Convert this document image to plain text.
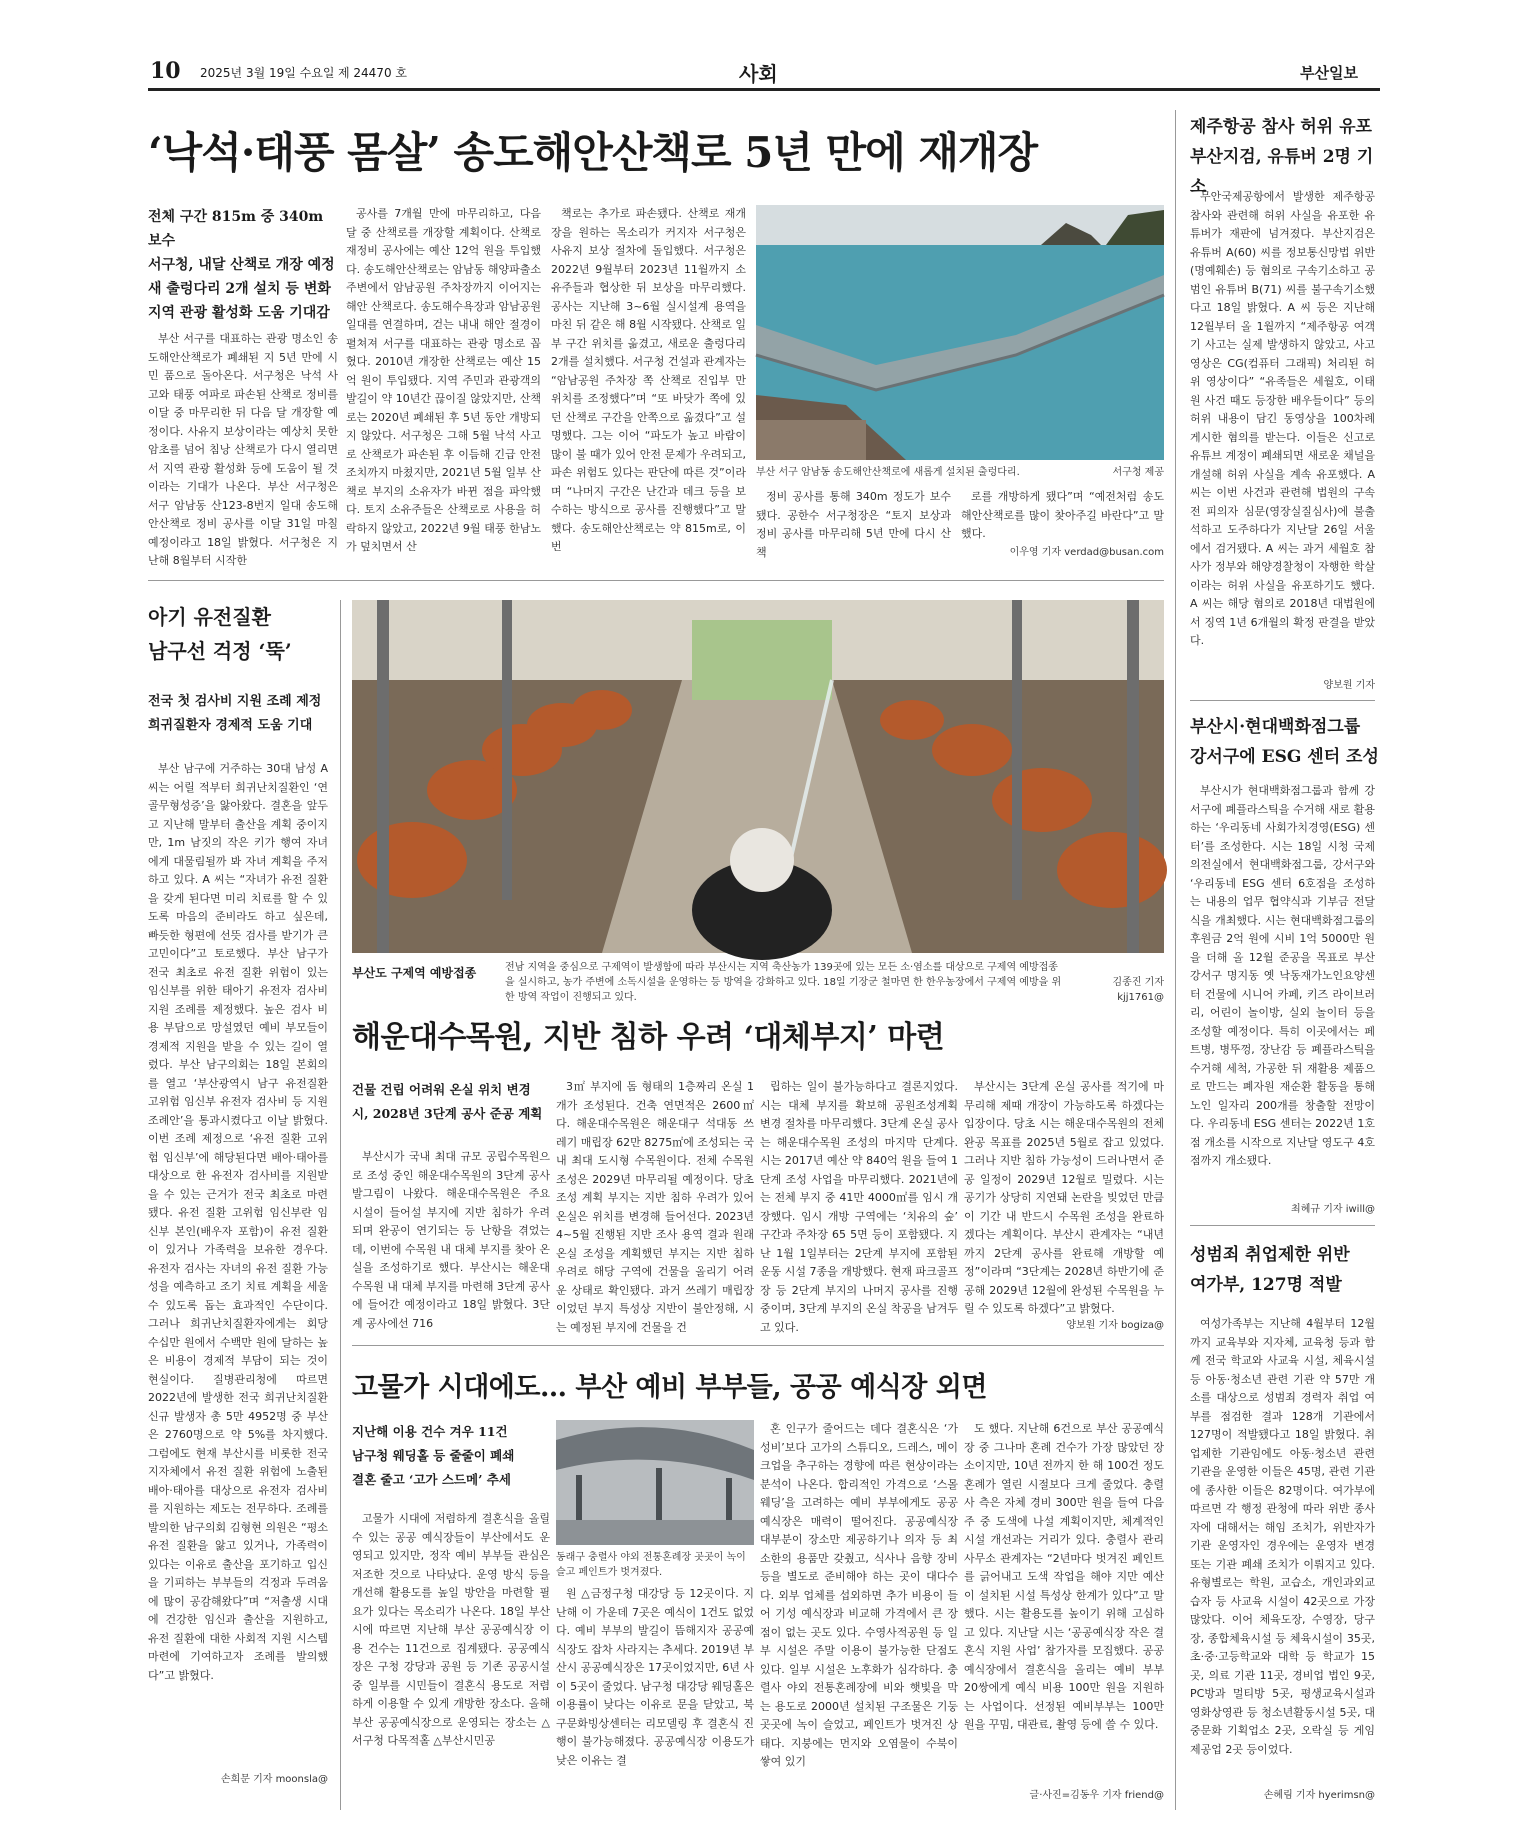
10 2025년 3월 19일 수요일 제 24470 호	사회	부산일보
‘낙석·태풍 몸살’ 송도해안산책로 5년 만에 재개장
전체 구간 815m 중 340m 보수
서구청, 내달 산책로 개장 예정
새 출렁다리 2개 설치 등 변화
지역 관광 활성화 도움 기대감

부산 서구를 대표하는 관광 명소인 송도해안산책로가 폐쇄된 지 5년 만에 시민 품으로 돌아온다. 서구청은 낙석 사고와 태풍 여파로 파손된 산책로 정비를 이달 중 마무리한 뒤 다음 달 개장할 예정이다. 사유지 보상이라는 예상치 못한 암초를 넘어 침낭 산책로가 다시 열리면서 지역 관광 활성화 등에 도움이 될 것이라는 기대가 나온다. 부산 서구청은 서구 암남동 산123-8번지 일대 송도해안산책로 정비 공사를 이달 31일 마칠 예정이라고 18일 밝혔다. 서구청은 지난해 8월부터 시작한

공사를 7개월 만에 마무리하고, 다음 달 중 산책로를 개장할 계획이다. 산책로 재정비 공사에는 예산 12억 원을 투입했다. 송도해안산책로는 암남동 해양파출소 주변에서 암남공원 주차장까지 이어지는 해안 산책로다. 송도해수욕장과 암남공원 일대를 연결하며, 걷는 내내 해안 절경이 펼쳐져 서구를 대표하는 관광 명소로 꼽혔다. 2010년 개장한 산책로는 예산 15억 원이 투입됐다. 지역 주민과 관광객의 발길이 약 10년간 끊이질 않았지만, 산책로는 2020년 폐쇄된 후 5년 동안 개방되지 않았다. 서구청은 그해 5월 낙석 사고로 산책로가 파손된 후 이듬해 긴급 안전 조치까지 마쳤지만, 2021년 5월 일부 산책로 부지의 소유자가 바뀐 점을 파악했다. 토지 소유주들은 산책로로 사용을 허락하지 않았고, 2022년 9월 태풍 한남노가 덮치면서 산

책로는 추가로 파손됐다. 산책로 재개장을 원하는 목소리가 커지자 서구청은 사유지 보상 절차에 돌입했다. 서구청은 2022년 9월부터 2023년 11월까지 소유주들과 협상한 뒤 보상을 마무리했다. 공사는 지난해 3~6월 실시설계 용역을 마친 뒤 같은 해 8월 시작됐다. 산책로 일부 구간 위치를 옮겼고, 새로운 출렁다리 2개를 설치했다. 서구청 건설과 관계자는 “암남공원 주차장 쪽 산책로 진입부 만 위치를 조정했다”며 “또 바닷가 쪽에 있던 산책로 구간을 안쪽으로 옮겼다”고 설명했다. 그는 이어 “파도가 높고 바람이 많이 불 때가 있어 안전 문제가 우려되고, 파손 위험도 있다는 판단에 따른 것”이라며 “나머지 구간은 난간과 데크 등을 보수하는 방식으로 공사를 진행했다”고 말했다. 송도해안산책로는 약 815m로, 이번

부산 서구 암남동 송도해안산책로에 새롭게 설치된 출렁다리.	서구청 제공

정비 공사를 통해 340m 정도가 보수됐다. 공한수 서구청장은 “토지 보상과 정비 공사를 마무리해 5년 만에 다시 산책

로를 개방하게 됐다”며 “예전처럼 송도해안산책로를 많이 찾아주길 바란다”고 말했다.

이우영 기자 verdad@busan.com
아기 유전질환
남구선 걱정 ‘뚝’
전국 첫 검사비 지원 조례 제정
희귀질환자 경제적 도움 기대

부산 남구에 거주하는 30대 남성 A 씨는 어릴 적부터 희귀난치질환인 ‘연골무형성증’을 앓아왔다. 결혼을 앞두고 지난해 말부터 출산을 계획 중이지만, 1m 남짓의 작은 키가 행여 자녀에게 대물림될까 봐 자녀 계획을 주저하고 있다. A 씨는 “자녀가 유전 질환을 갖게 된다면 미리 치료를 할 수 있도록 마음의 준비라도 하고 싶은데, 빠듯한 형편에 선뜻 검사를 받기가 큰 고민이다”고 토로했다. 부산 남구가 전국 최초로 유전 질환 위험이 있는 임신부를 위한 태아기 유전자 검사비 지원 조례를 제정했다. 높은 검사 비용 부담으로 망설였던 예비 부모들이 경제적 지원을 받을 수 있는 길이 열렸다. 부산 남구의회는 18일 본회의를 열고 ‘부산광역시 남구 유전질환 고위험 임신부 유전자 검사비 등 지원 조례안’을 통과시켰다고 이날 밝혔다. 이번 조례 제정으로 ‘유전 질환 고위험 임신부’에 해당된다면 배아·태아를 대상으로 한 유전자 검사비를 지원받을 수 있는 근거가 전국 최초로 마련됐다. 유전 질환 고위험 임신부란 임신부 본인(배우자 포함)이 유전 질환이 있거나 가족력을 보유한 경우다. 유전자 검사는 자녀의 유전 질환 가능성을 예측하고 조기 치료 계획을 세울 수 있도록 돕는 효과적인 수단이다. 그러나 희귀난치질환자에게는 회당 수십만 원에서 수백만 원에 달하는 높은 비용이 경제적 부담이 되는 것이 현실이다. 질병관리청에 따르면 2022년에 발생한 전국 희귀난치질환 신규 발생자 총 5만 4952명 중 부산은 2760명으로 약 5%를 차지했다. 그럼에도 현재 부산시를 비롯한 전국 지자체에서 유전 질환 위험에 노출된 배아·태아를 대상으로 유전자 검사비를 지원하는 제도는 전무하다. 조례를 발의한 남구의회 김형현 의원은 “평소 유전 질환을 앓고 있거나, 가족력이 있다는 이유로 출산을 포기하고 입신을 기피하는 부부들의 걱정과 두려움에 많이 공감해왔다”며 “저출생 시대에 건강한 임신과 출산을 지원하고, 유전 질환에 대한 사회적 지원 시스템 마련에 기여하고자 조례를 발의했다”고 밝혔다.

손희문 기자 moonsla@
부산도 구제역 예방접종	전남 지역을 중심으로 구제역이 발생함에 따라 부산시는 지역 축산농가 139곳에 있는 모든 소·염소를 대상으로 구제역 예방접종을 실시하고, 농가 주변에 소독시설을 운영하는 등 방역을 강화하고 있다. 18일 기장군 철마면 한 한우농장에서 구제역 예방을 위한 방역 작업이 진행되고 있다.
김종진 기자 kjj1761@
해운대수목원, 지반 침하 우려 ‘대체부지’ 마련
건물 건립 어려워 온실 위치 변경
시, 2028년 3단계 공사 준공 계획

부산시가 국내 최대 규모 공립수목원으로 조성 중인 해운대수목원의 3단계 공사 발그림이 나왔다. 해운대수목원은 주요 시설이 들어설 부지에 지반 침하가 우려되며 완공이 연기되는 등 난항을 겪었는데, 이번에 수목원 내 대체 부지를 찾아 온실을 조성하기로 했다. 부산시는 해운대수목원 내 대체 부지를 마련해 3단계 공사에 들어간 예정이라고 18일 밝혔다. 3단계 공사에선 716

3㎡ 부지에 돔 형태의 1층짜리 온실 1개가 조성된다. 건축 연면적은 2600㎡다. 해운대수목원은 해운대구 석대동 쓰레기 매립장 62만 8275㎡에 조성되는 국내 최대 도시형 수목원이다. 전체 수목원 조성은 2029년 마무리될 예정이다. 당초 조성 계획 부지는 지반 침하 우려가 있어 온실은 위치를 변경해 들어선다. 2023년 4~5월 진행된 지반 조사 용역 결과 원래 온실 조성을 계획했던 부지는 지반 침하 우려로 해당 구역에 건물을 올리기 어려운 상태로 확인됐다. 과거 쓰레기 매립장이었던 부지 특성상 지반이 불안정해, 시는 예정된 부지에 건물을 건

립하는 일이 불가능하다고 결론지었다. 시는 대체 부지를 확보해 공원조성계획 변경 절차를 마무리했다. 3단계 온실 공사는 해운대수목원 조성의 마지막 단계다. 시는 2017년 예산 약 840억 원을 들여 1단계 조성 사업을 마무리했다. 2021년에는 전체 부지 중 41만 4000㎡를 임시 개장했다. 임시 개방 구역에는 ‘치유의 숲’ 구간과 주차장 65 5면 등이 포함됐다. 지난 1월 1일부터는 2단계 부지에 포함된 운동 시설 7종을 개방했다. 현재 파크골프장 등 2단계 부지의 나머지 공사를 진행 중이며, 3단계 부지의 온실 착공을 남겨두고 있다.

부산시는 3단계 온실 공사를 적기에 마무리해 제때 개장이 가능하도록 하겠다는 입장이다. 당초 시는 해운대수목원의 전체 완공 목표를 2025년 5월로 잡고 있었다. 그러나 지반 침하 가능성이 드러나면서 준공 일정이 2029년 12월로 밀렸다. 시는 공기가 상당히 지연돼 논란을 빚었던 만큼 이 기간 내 반드시 수목원 조성을 완료하겠다는 계획이다. 부산시 관계자는 “내년까지 2단계 공사를 완료해 개방할 예정”이라며 “3단계는 2028년 하반기에 준공해 2029년 12월에 완성된 수목원을 누릴 수 있도록 하겠다”고 밝혔다.

양보원 기자 bogiza@
고물가 시대에도… 부산 예비 부부들, 공공 예식장 외면
지난해 이용 건수 겨우 11건
남구청 웨딩홀 등 줄줄이 폐쇄
결혼 줄고 ‘고가 스드메’ 추세

고물가 시대에 저렴하게 결혼식을 올릴 수 있는 공공 예식장들이 부산에서도 운영되고 있지만, 정작 예비 부부들 관심은 저조한 것으로 나타났다. 운영 방식 등을 개선해 활용도를 높일 방안을 마련할 필요가 있다는 목소리가 나온다. 18일 부산시에 따르면 지난해 부산 공공예식장 이용 건수는 11건으로 집계됐다. 공공예식장은 구청 강당과 공원 등 기존 공공시설 중 일부를 시민들이 결혼식 용도로 저렴하게 이용할 수 있게 개방한 장소다. 올해 부산 공공예식장으로 운영되는 장소는 △서구청 다목적홀 △부산시민공

동래구 충렬사 야외 전통혼례장 곳곳이 녹이 슬고 페인트가 벗겨졌다.

원 △금정구청 대강당 등 12곳이다. 지난해 이 가운데 7곳은 예식이 1건도 없었다. 예비 부부의 발길이 뜸해지자 공공예식장도 잡차 사라지는 추세다. 2019년 부산시 공공예식장은 17곳이었지만, 6년 사이 5곳이 줄었다. 남구청 대강당 웨딩홀은 이용률이 낮다는 이유로 문을 닫았고, 북구문화빙상센터는 리모델링 후 결혼식 진행이 불가능해졌다. 공공예식장 이용도가 낮은 이유는 결

혼 인구가 줄어드는 데다 결혼식은 ‘가성비’보다 고가의 스튜디오, 드레스, 메이크업을 추구하는 경향에 따른 현상이라는 분석이 나온다. 합리적인 가격으로 ‘스몰 웨딩’을 고려하는 예비 부부에게도 공공예식장은 매력이 떨어진다. 공공예식장 대부분이 장소만 제공하기나 의자 등 최소한의 용품만 갖췄고, 식사나 음향 장비 등을 별도로 준비해야 하는 곳이 대다수다. 외부 업체를 섭외하면 추가 비용이 들어 기성 예식장과 비교해 가격에서 큰 장점이 없는 곳도 있다. 수영사적공원 등 일부 시설은 주말 이용이 불가능한 단점도 있다. 일부 시설은 노후화가 심각하다. 충렬사 야외 전통혼례장에 비와 햇빛을 막는 용도로 2000년 설치된 구조물은 기둥 곳곳에 녹이 슬었고, 페인트가 벗겨진 상태다. 지붕에는 먼지와 오염물이 수북이 쌓여 있기

도 했다. 지난해 6건으로 부산 공공예식장 중 그나마 혼례 건수가 가장 많았던 장소이지만, 10년 전까지 한 해 100건 정도 혼례가 열린 시절보다 크게 줄었다. 충렬사 측은 자체 경비 300만 원을 들여 다음 주 중 도색에 나설 계획이지만, 체계적인 시설 개선과는 거리가 있다. 충렬사 관리사무소 관계자는 “2년마다 벗겨진 페인트를 긁어내고 도색 작업을 해야 지만 예산이 설치된 시설 특성상 한계가 있다”고 말했다. 시는 활용도를 높이기 위해 고심하고 있다. 지난달 시는 ‘공공예식장 작은 결혼식 지원 사업’ 참가자를 모집했다. 공공예식장에서 결혼식을 올리는 예비 부부 20쌍에게 예식 비용 100만 원을 지원하는 사업이다. 선정된 예비부부는 100만 원을 꾸밈, 대관료, 촬영 등에 쓸 수 있다.

글·사진=김동우 기자 friend@
제주항공 참사 허위 유포
부산지검, 유튜버 2명 기소

무안국제공항에서 발생한 제주항공 참사와 관련해 허위 사실을 유포한 유튜버가 재판에 넘겨졌다. 부산지검은 유튜버 A(60) 씨를 정보통신망법 위반(명예훼손) 등 혐의로 구속기소하고 공범인 유튜버 B(71) 씨를 불구속기소했다고 18일 밝혔다. A 씨 등은 지난해 12월부터 올 1월까지 “제주항공 여객기 사고는 실제 발생하지 않았고, 사고 영상은 CG(컴퓨터 그래픽) 처리된 허위 영상이다” “유족들은 세월호, 이태원 사건 때도 등장한 배우들이다” 등의 허위 내용이 담긴 동영상을 100차례 게시한 혐의를 받는다. 이들은 신고로 유튜브 계정이 폐쇄되면 새로운 채널을 개설해 허위 사실을 계속 유포했다. A 씨는 이번 사건과 관련해 법원의 구속 전 피의자 심문(영장실질심사)에 불출석하고 도주하다가 지난달 26일 서울에서 검거됐다. A 씨는 과거 세월호 참사가 정부와 해양경찰청이 자행한 학살이라는 허위 사실을 유포하기도 했다. A 씨는 해당 혐의로 2018년 대법원에서 징역 1년 6개월의 확정 판결을 받았다.

양보원 기자
부산시·현대백화점그룹
강서구에 ESG 센터 조성

부산시가 현대백화점그룹과 함께 강서구에 폐플라스틱을 수거해 새로 활용하는 ‘우리동네 사회가치경영(ESG) 센터’를 조성한다. 시는 18일 시청 국제의전실에서 현대백화점그룹, 강서구와 ‘우리동네 ESG 센터 6호점을 조성하는 내용의 업무 협약식과 기부금 전달식을 개최했다. 시는 현대백화점그룹의 후원금 2억 원에 시비 1억 5000만 원을 더해 올 12월 준공을 목표로 부산 강서구 명지동 옛 낙동재가노인요양센터 건물에 시니어 카페, 키즈 라이브러리, 어린이 놀이방, 실외 놀이터 등을 조성할 예정이다. 특히 이곳에서는 페트병, 병뚜껑, 장난감 등 폐플라스틱을 수거해 세척, 가공한 뒤 재활용 제품으로 만드는 폐자원 재순환 활동을 통해 노인 일자리 200개를 창출할 전망이다. 우리동네 ESG 센터는 2022년 1호점 개소를 시작으로 지난달 영도구 4호점까지 개소됐다.

최혜규 기자 iwill@
성범죄 취업제한 위반
여가부, 127명 적발

여성가족부는 지난해 4월부터 12월까지 교육부와 지자체, 교육청 등과 함께 전국 학교와 사교육 시설, 체육시설 등 아동·청소년 관련 기관 약 57만 개소를 대상으로 성범죄 경력자 취업 여부를 점검한 결과 128개 기관에서 127명이 적발됐다고 18일 밝혔다. 취업제한 기관임에도 아동·청소년 관련 기관을 운영한 이들은 45명, 관련 기관에 종사한 이들은 82명이다. 여가부에 따르면 각 행정 관청에 따라 위반 종사자에 대해서는 해임 조치가, 위반자가 기관 운영자인 경우에는 운영자 변경 또는 기관 폐쇄 조치가 이뤄지고 있다. 유형별로는 학원, 교습소, 개인과외교습자 등 사교육 시설이 42곳으로 가장 많았다. 이어 체육도장, 수영장, 당구장, 종합체육시설 등 체육시설이 35곳, 초·중·고등학교와 대학 등 학교가 15곳, 의료 기관 11곳, 경비업 법인 9곳, PC방과 멀티방 5곳, 평생교육시설과 영화상영관 등 청소년활동시설 5곳, 대중문화 기획업소 2곳, 오락실 등 게임제공업 2곳 등이었다.

손혜림 기자 hyerimsn@
